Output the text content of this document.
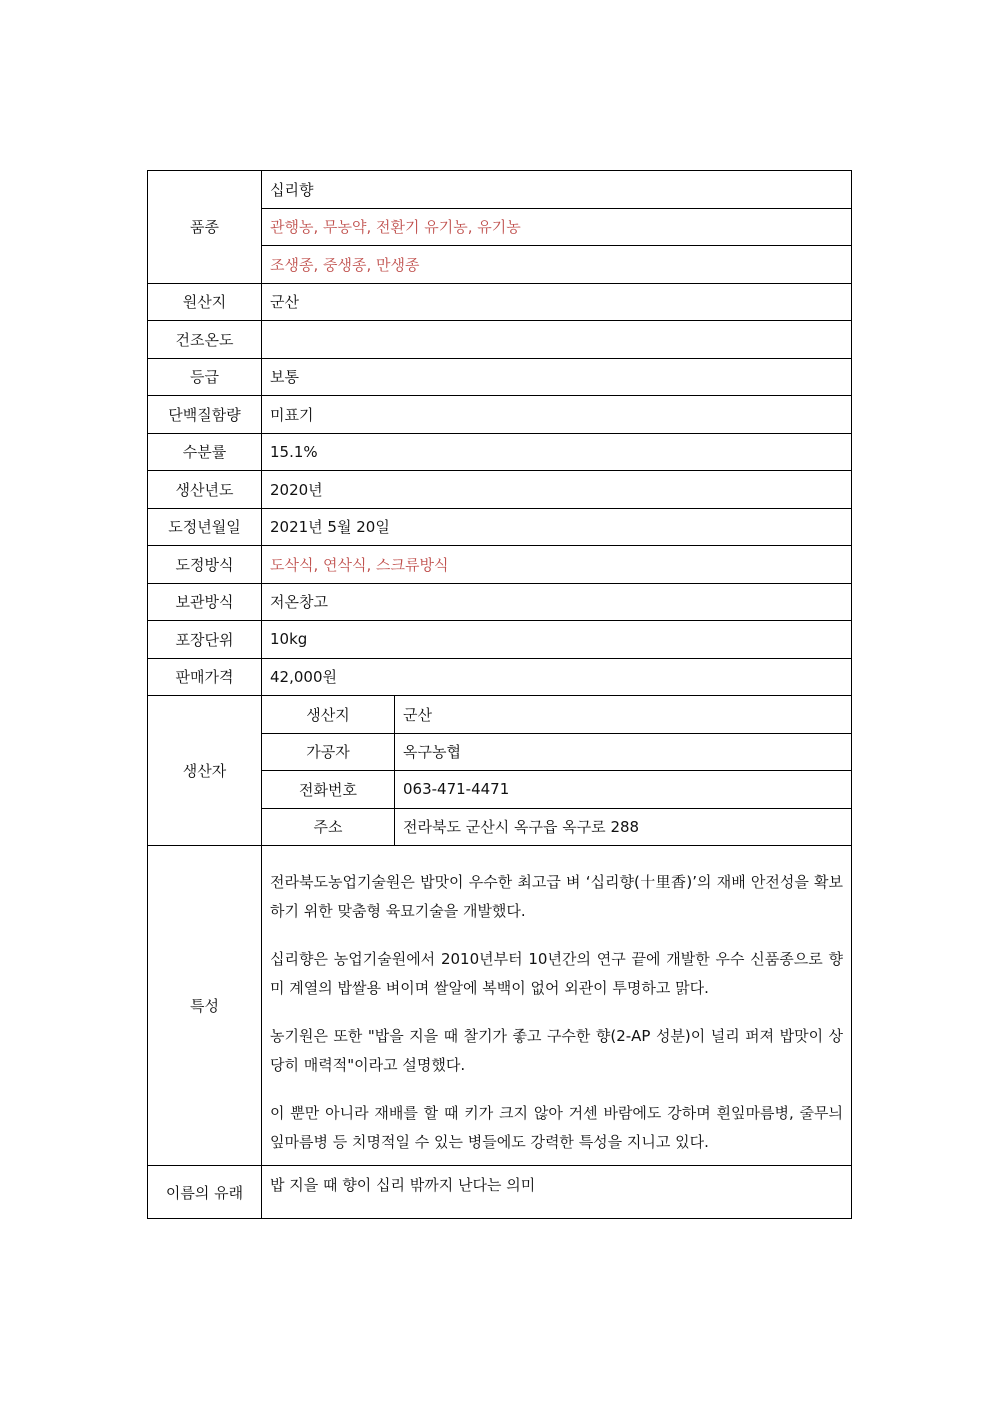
품종	십리향	
	관행농, 무농약, 전환기 유기농, 유기농	
	조생종, 중생종, 만생종	
원산지	군산	
건조온도		
등급	보통	
단백질함량	미표기	
수분률	15.1%	
생산년도	2020년	
도정년월일	2021년 5월 20일	
도정방식	도삭식, 연삭식, 스크류방식	
보관방식	저온창고	
포장단위	10kg	
판매가격	42,000원	
생산자	생산지	군산
	가공자	옥구농협
	전화번호	063-471-4471
	주소	전라북도 군산시 옥구읍 옥구로 288
특성	전라북도농업기술원은 밥맛이 우수한 최고급 벼 ‘십리향(十里香)’의 재배 안전성을 확보하기 위한 맞춤형 육묘기술을 개발했다.

십리향은 농업기술원에서 2010년부터 10년간의 연구 끝에 개발한 우수 신품종으로 향미 계열의 밥쌀용 벼이며 쌀알에 복백이 없어 외관이 투명하고 맑다.

농기원은 또한 "밥을 지을 때 찰기가 좋고 구수한 향(2-AP 성분)이 널리 퍼져 밥맛이 상당히 매력적"이라고 설명했다.

이 뿐만 아니라 재배를 할 때 키가 크지 않아 거센 바람에도 강하며 흰잎마름병, 줄무늬잎마름병 등 치명적일 수 있는 병들에도 강력한 특성을 지니고 있다.	

이름의 유래	밥 지을 때 향이 십리 밖까지 난다는 의미	
